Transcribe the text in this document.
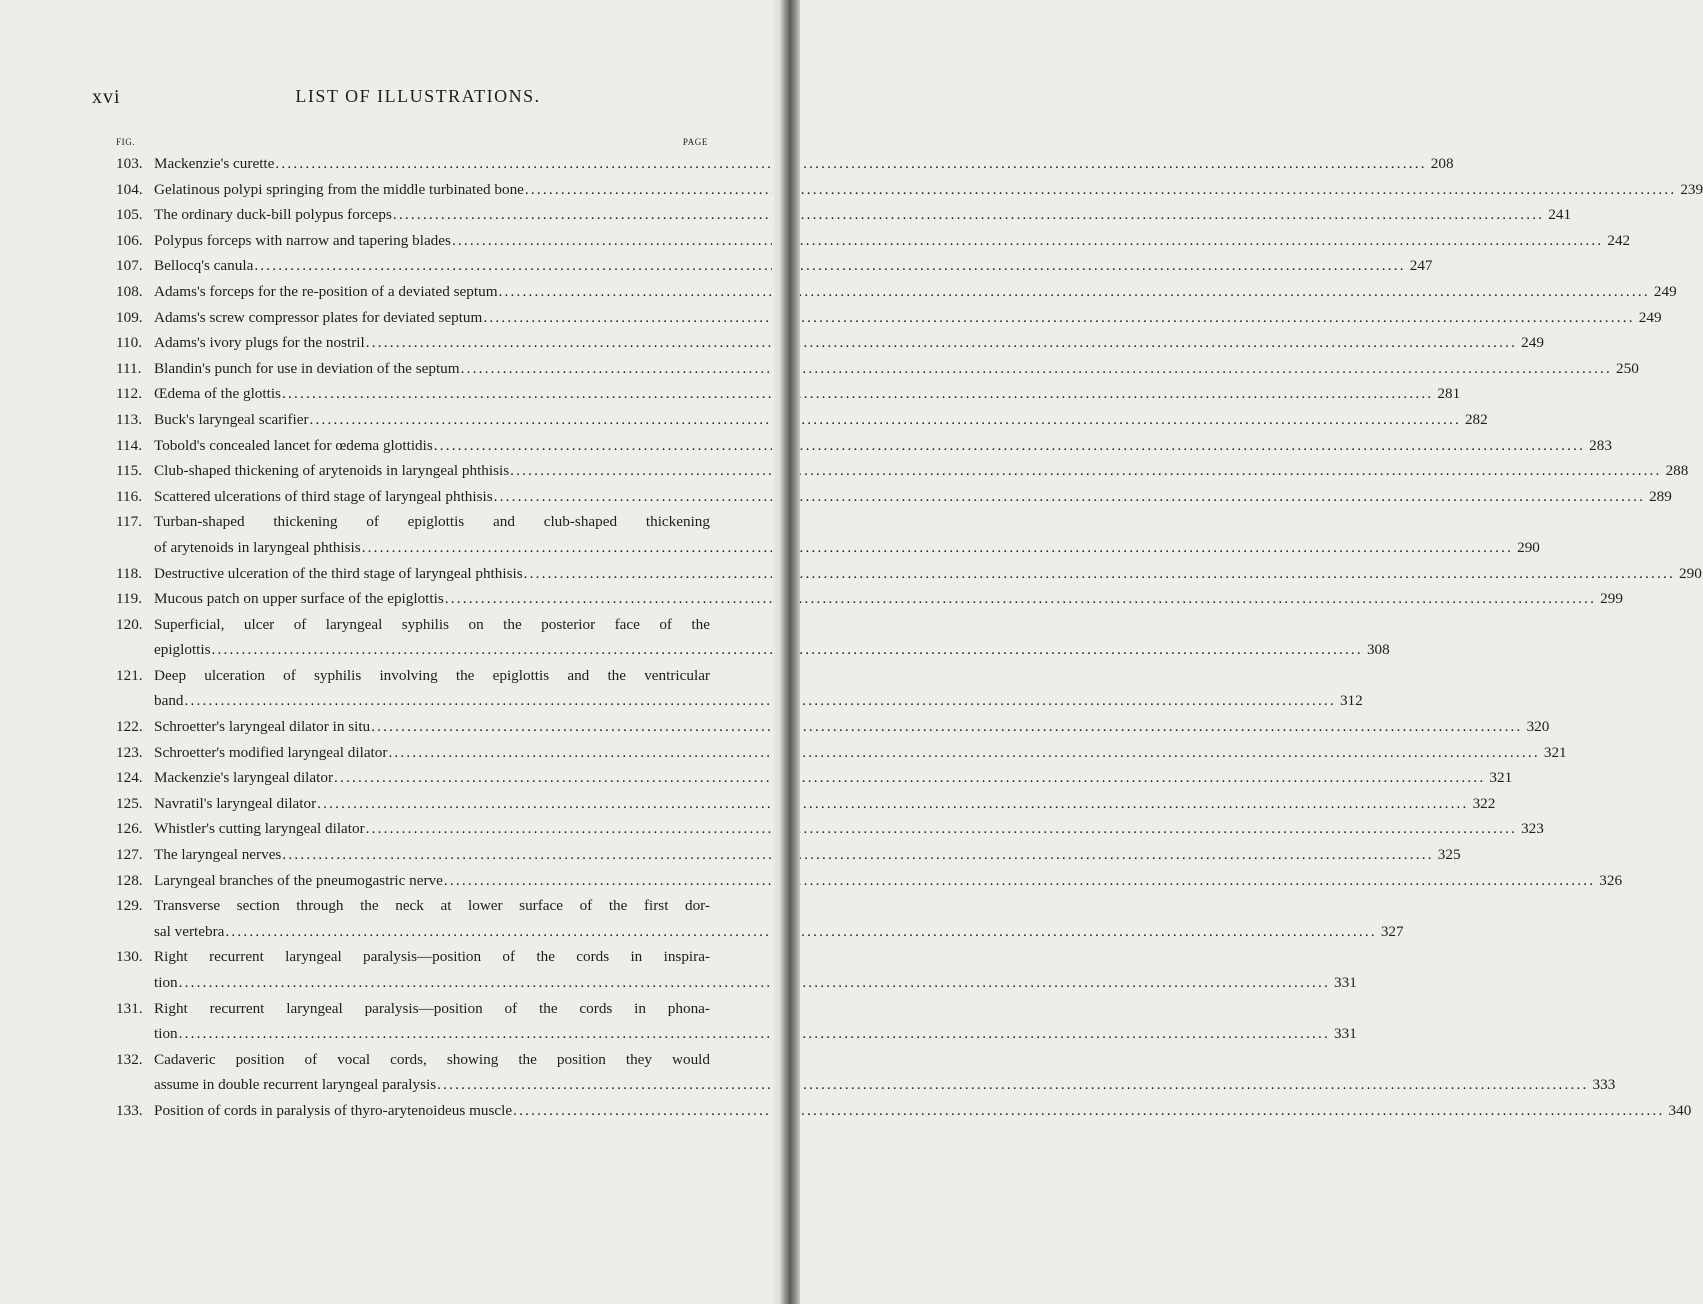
xvi	LIST OF ILLUSTRATIONS.
FIG.	PAGE
103. Mackenzie's curette .....	208
104. Gelatinous polypi springing from the middle turbinated bone .....	239
105. The ordinary duck-bill polypus forceps .....	241
106. Polypus forceps with narrow and tapering blades .....	242
107. Bellocq's canula .....	247
108. Adams's forceps for the re-position of a deviated septum .....	249
109. Adams's screw compressor plates for deviated septum .....	249
110. Adams's ivory plugs for the nostril .....	249
111. Blandin's punch for use in deviation of the septum .....	250
112. Œdema of the glottis .....	281
113. Buck's laryngeal scarifier .....	282
114. Tobold's concealed lancet for œdema glottidis .....	283
115. Club-shaped thickening of arytenoids in laryngeal phthisis .....	288
116. Scattered ulcerations of third stage of laryngeal phthisis .....	289
117. Turban-shaped thickening of epiglottis and club-shaped thickening
of arytenoids in laryngeal phthisis .....	290
118. Destructive ulceration of the third stage of laryngeal phthisis .....	290
119. Mucous patch on upper surface of the epiglottis .....	299
120. Superficial, ulcer of laryngeal syphilis on the posterior face of the
epiglottis .....	308
121. Deep ulceration of syphilis involving the epiglottis and the ventricular
band .....	312
122. Schroetter's laryngeal dilator in situ .....	320
123. Schroetter's modified laryngeal dilator .....	321
124. Mackenzie's laryngeal dilator .....	321
125. Navratil's laryngeal dilator .....	322
126. Whistler's cutting laryngeal dilator .....	323
127. The laryngeal nerves .....	325
128. Laryngeal branches of the pneumogastric nerve .....	326
129. Transverse section through the neck at lower surface of the first dor-
sal vertebra .....	327
130. Right recurrent laryngeal paralysis—position of the cords in inspira-
tion .....	331
131. Right recurrent laryngeal paralysis—position of the cords in phona-
tion .....	331
132. Cadaveric position of vocal cords, showing the position they would
assume in double recurrent laryngeal paralysis .....	333
133. Position of cords in paralysis of thyro-arytenoideus muscle .....	340
